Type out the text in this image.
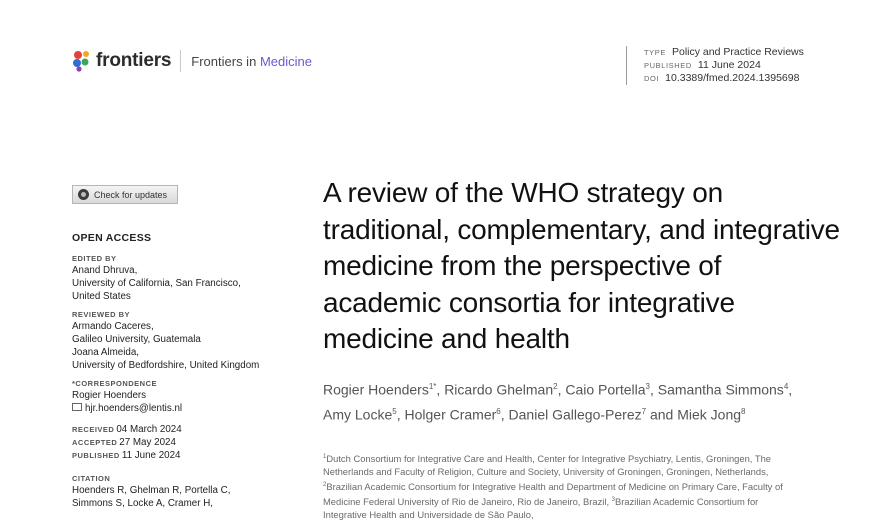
frontiers Frontiers in Medicine
TYPE Policy and Practice Reviews
PUBLISHED 11 June 2024
DOI 10.3389/fmed.2024.1395698
Check for updates
OPEN ACCESS
EDITED BY
Anand Dhruva,
University of California, San Francisco,
United States
REVIEWED BY
Armando Caceres,
Galileo University, Guatemala
Joana Almeida,
University of Bedfordshire, United Kingdom
*CORRESPONDENCE
Rogier Hoenders
hjr.hoenders@lentis.nl
RECEIVED 04 March 2024
ACCEPTED 27 May 2024
PUBLISHED 11 June 2024
CITATION
Hoenders R, Ghelman R, Portella C,
Simmons S, Locke A, Cramer H,
A review of the WHO strategy on traditional, complementary, and integrative medicine from the perspective of academic consortia for integrative medicine and health
Rogier Hoenders$^{1*}$, Ricardo Ghelman$^2$, Caio Portella$^3$, Samantha Simmons$^4$, Amy Locke$^5$, Holger Cramer$^6$, Daniel Gallego-Perez$^7$ and Miek Jong$^8$
$^1$Dutch Consortium for Integrative Care and Health, Center for Integrative Psychiatry, Lentis, Groningen, The Netherlands and Faculty of Religion, Culture and Society, University of Groningen, Groningen, Netherlands, $^2$Brazilian Academic Consortium for Integrative Health and Department of Medicine on Primary Care, Faculty of Medicine Federal University of Rio de Janeiro, Rio de Janeiro, Brazil, $^3$Brazilian Academic Consortium for Integrative Health and Universidade de São Paulo,
